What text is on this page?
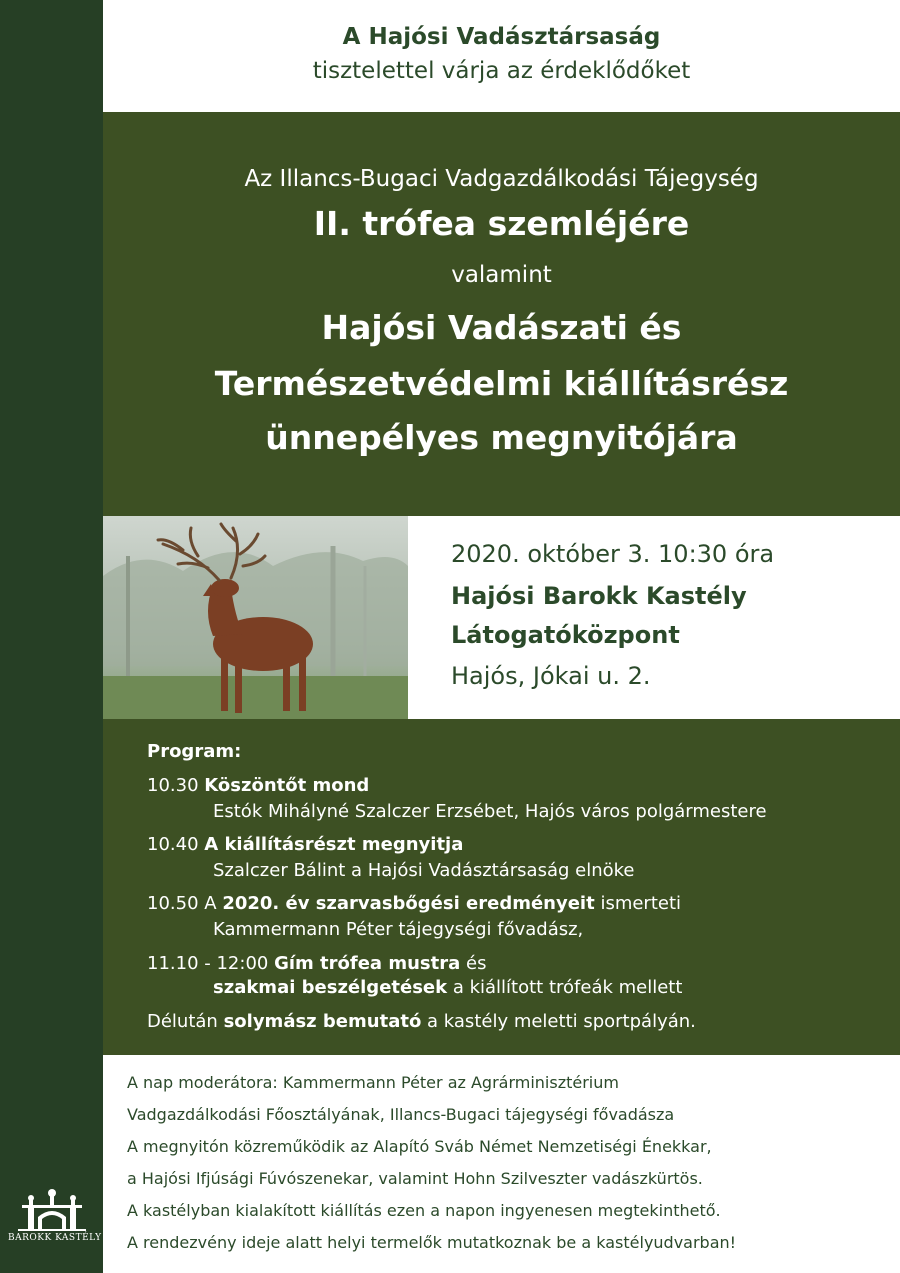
A Hajósi Vadásztársaság
tisztelettel várja az érdeklődőket
Az Illancs-Bugaci Vadgazdálkodási Tájegység
II. trófea szemléjére
valamint
Hajósi Vadászati és
Természetvédelmi kiállításrész
ünnepélyes megnyitójára
2020. október 3. 10:30 óra
Hajósi Barokk Kastély
Látogatóközpont
Hajós, Jókai u. 2.
Program:
10.30 Köszöntőt mond
Estók Mihályné Szalczer Erzsébet, Hajós város polgármestere
10.40 A kiállításrészt megnyitja
Szalczer Bálint a Hajósi Vadásztársaság elnöke
10.50 A 2020. év szarvasbőgési eredményeit ismerteti
Kammermann Péter tájegységi fővadász,
11.10 - 12:00 Gím trófea mustra és
szakmai beszélgetések a kiállított trófeák mellett
Délután solymász bemutató a kastély meletti sportpályán.
A nap moderátora: Kammermann Péter az Agrárminisztérium
Vadgazdálkodási Főosztályának, Illancs-Bugaci tájegységi fővadásza
A megnyitón közreműködik az Alapító Sváb Német Nemzetiségi Énekkar,
a Hajósi Ifjúsági Fúvószenekar, valamint Hohn Szilveszter vadászkürtös.
A kastélyban kialakított kiállítás ezen a napon ingyenesen megtekinthető.
A rendezvény ideje alatt helyi termelők mutatkoznak be a kastélyudvarban!
BAROKK KASTÉLY
